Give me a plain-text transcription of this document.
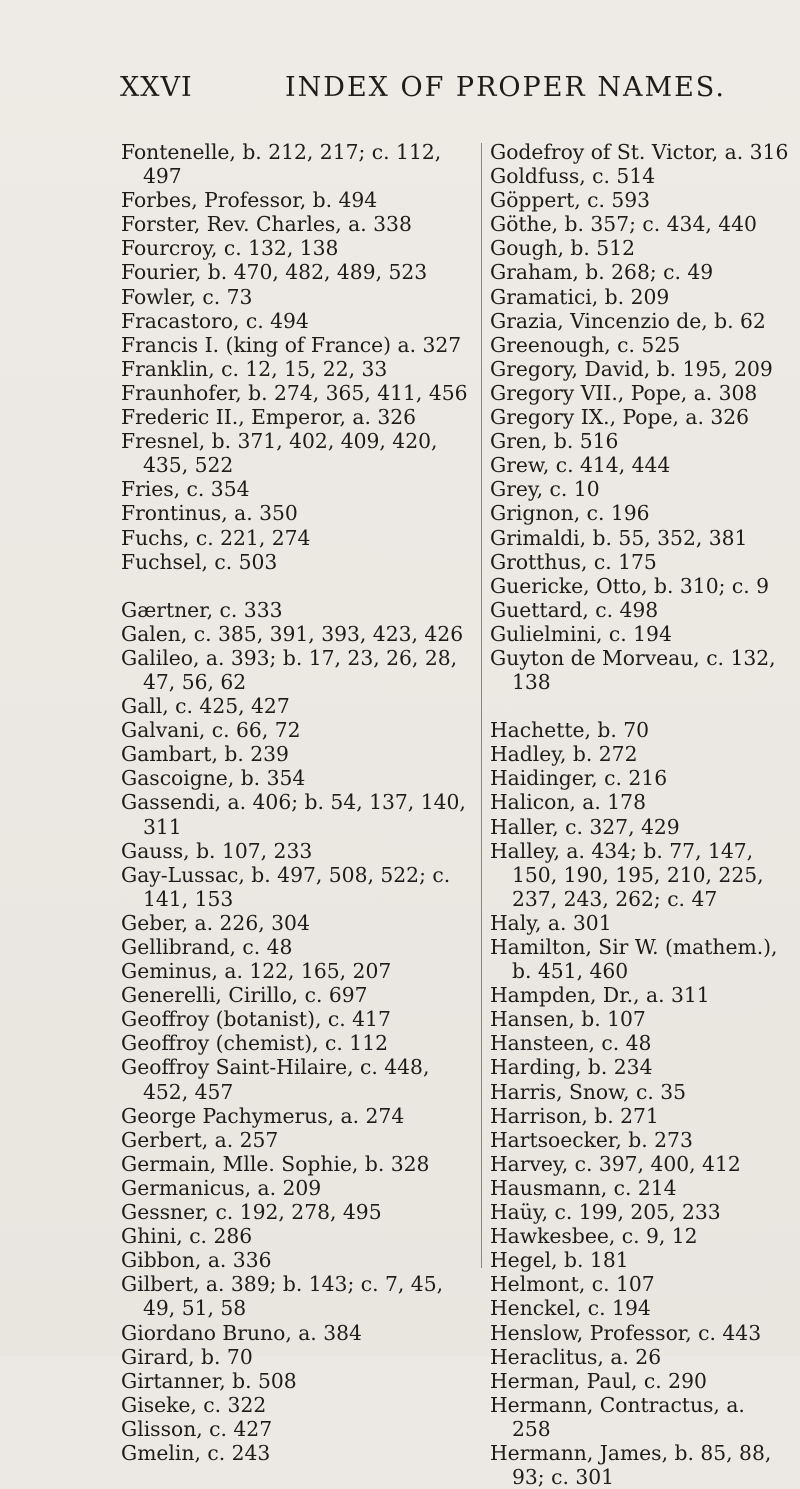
XXVI	INDEX OF PROPER NAMES.
Fontenelle, b. 212, 217; c. 112, 497
Forbes, Professor, b. 494
Forster, Rev. Charles, a. 338
Fourcroy, c. 132, 138
Fourier, b. 470, 482, 489, 523
Fowler, c. 73
Fracastoro, c. 494
Francis I. (king of France) a. 327
Franklin, c. 12, 15, 22, 33
Fraunhofer, b. 274, 365, 411, 456
Frederic II., Emperor, a. 326
Fresnel, b. 371, 402, 409, 420, 435, 522
Fries, c. 354
Frontinus, a. 350
Fuchs, c. 221, 274
Fuchsel, c. 503
Gærtner, c. 333
Galen, c. 385, 391, 393, 423, 426
Galileo, a. 393; b. 17, 23, 26, 28, 47, 56, 62
Gall, c. 425, 427
Galvani, c. 66, 72
Gambart, b. 239
Gascoigne, b. 354
Gassendi, a. 406; b. 54, 137, 140, 311
Gauss, b. 107, 233
Gay-Lussac, b. 497, 508, 522; c. 141, 153
Geber, a. 226, 304
Gellibrand, c. 48
Geminus, a. 122, 165, 207
Generelli, Cirillo, c. 697
Geoffroy (botanist), c. 417
Geoffroy (chemist), c. 112
Geoffroy Saint-Hilaire, c. 448, 452, 457
George Pachymerus, a. 274
Gerbert, a. 257
Germain, Mlle. Sophie, b. 328
Germanicus, a. 209
Gessner, c. 192, 278, 495
Ghini, c. 286
Gibbon, a. 336
Gilbert, a. 389; b. 143; c. 7, 45, 49, 51, 58
Giordano Bruno, a. 384
Girard, b. 70
Girtanner, b. 508
Giseke, c. 322
Glisson, c. 427
Gmelin, c. 243
Godefroy of St. Victor, a. 316
Goldfuss, c. 514
Göppert, c. 593
Göthe, b. 357; c. 434, 440
Gough, b. 512
Graham, b. 268; c. 49
Gramatici, b. 209
Grazia, Vincenzio de, b. 62
Greenough, c. 525
Gregory, David, b. 195, 209
Gregory VII., Pope, a. 308
Gregory IX., Pope, a. 326
Gren, b. 516
Grew, c. 414, 444
Grey, c. 10
Grignon, c. 196
Grimaldi, b. 55, 352, 381
Grotthus, c. 175
Guericke, Otto, b. 310; c. 9
Guettard, c. 498
Gulielmini, c. 194
Guyton de Morveau, c. 132, 138
Hachette, b. 70
Hadley, b. 272
Haidinger, c. 216
Halicon, a. 178
Haller, c. 327, 429
Halley, a. 434; b. 77, 147, 150, 190, 195, 210, 225, 237, 243, 262; c. 47
Haly, a. 301
Hamilton, Sir W. (mathem.), b. 451, 460
Hampden, Dr., a. 311
Hansen, b. 107
Hansteen, c. 48
Harding, b. 234
Harris, Snow, c. 35
Harrison, b. 271
Hartsoecker, b. 273
Harvey, c. 397, 400, 412
Hausmann, c. 214
Haüy, c. 199, 205, 233
Hawkesbee, c. 9, 12
Hegel, b. 181
Helmont, c. 107
Henckel, c. 194
Henslow, Professor, c. 443
Heraclitus, a. 26
Herman, Paul, c. 290
Hermann, Contractus, a. 258
Hermann, James, b. 85, 88, 93; c. 301
